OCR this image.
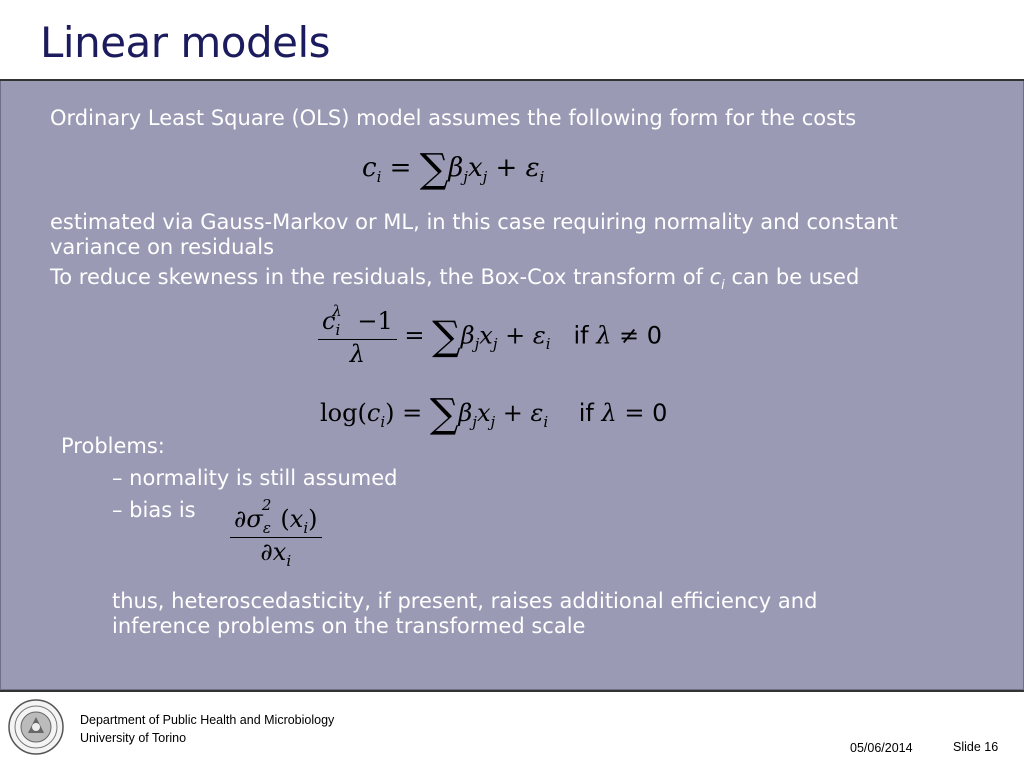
Linear models
Ordinary Least Square (OLS) model assumes the following form for the costs
$c_i = \sum\beta_jx_j + \varepsilon_i$
estimated via Gauss-Markov or ML, in this case requiring normality and constant variance on residuals
To reduce skewness in the residuals, the Box-Cox transform of $c_i$ can be used
$\frac{c_i^\lambda -1}{\lambda} = \sum\beta_jx_j + \varepsilon_i$ if λ ≠ 0
$\log(c_i) = \sum\beta_jx_j + \varepsilon_i$ if λ = 0
Problems:
– normality is still assumed
– bias is $\frac{\partial\sigma_\varepsilon^2 (x_i)}{\partial x_i}$
thus, heteroscedasticity, if present, raises additional efficiency and inference problems on the transformed scale
Department of Public Health and Microbiology
University of Torino
05/06/2014	Slide 16
